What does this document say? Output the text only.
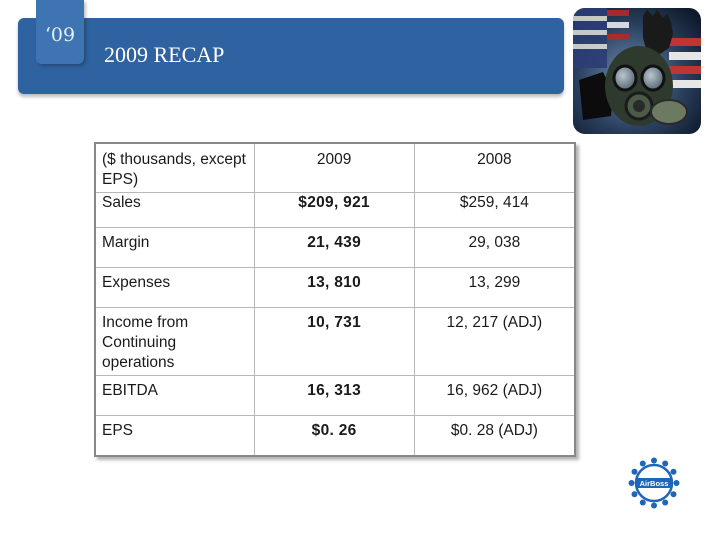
‘09
2009 RECAP
($ thousands, except EPS)	2009	2008
Sales	$209, 921	$259, 414
Margin	21, 439	29, 038
Expenses	13, 810	13, 299
Income from Continuing operations	10, 731	12, 217 (ADJ)
EBITDA	16, 313	16, 962 (ADJ)
EPS	$0. 26	$0. 28 (ADJ)
AirBoss
